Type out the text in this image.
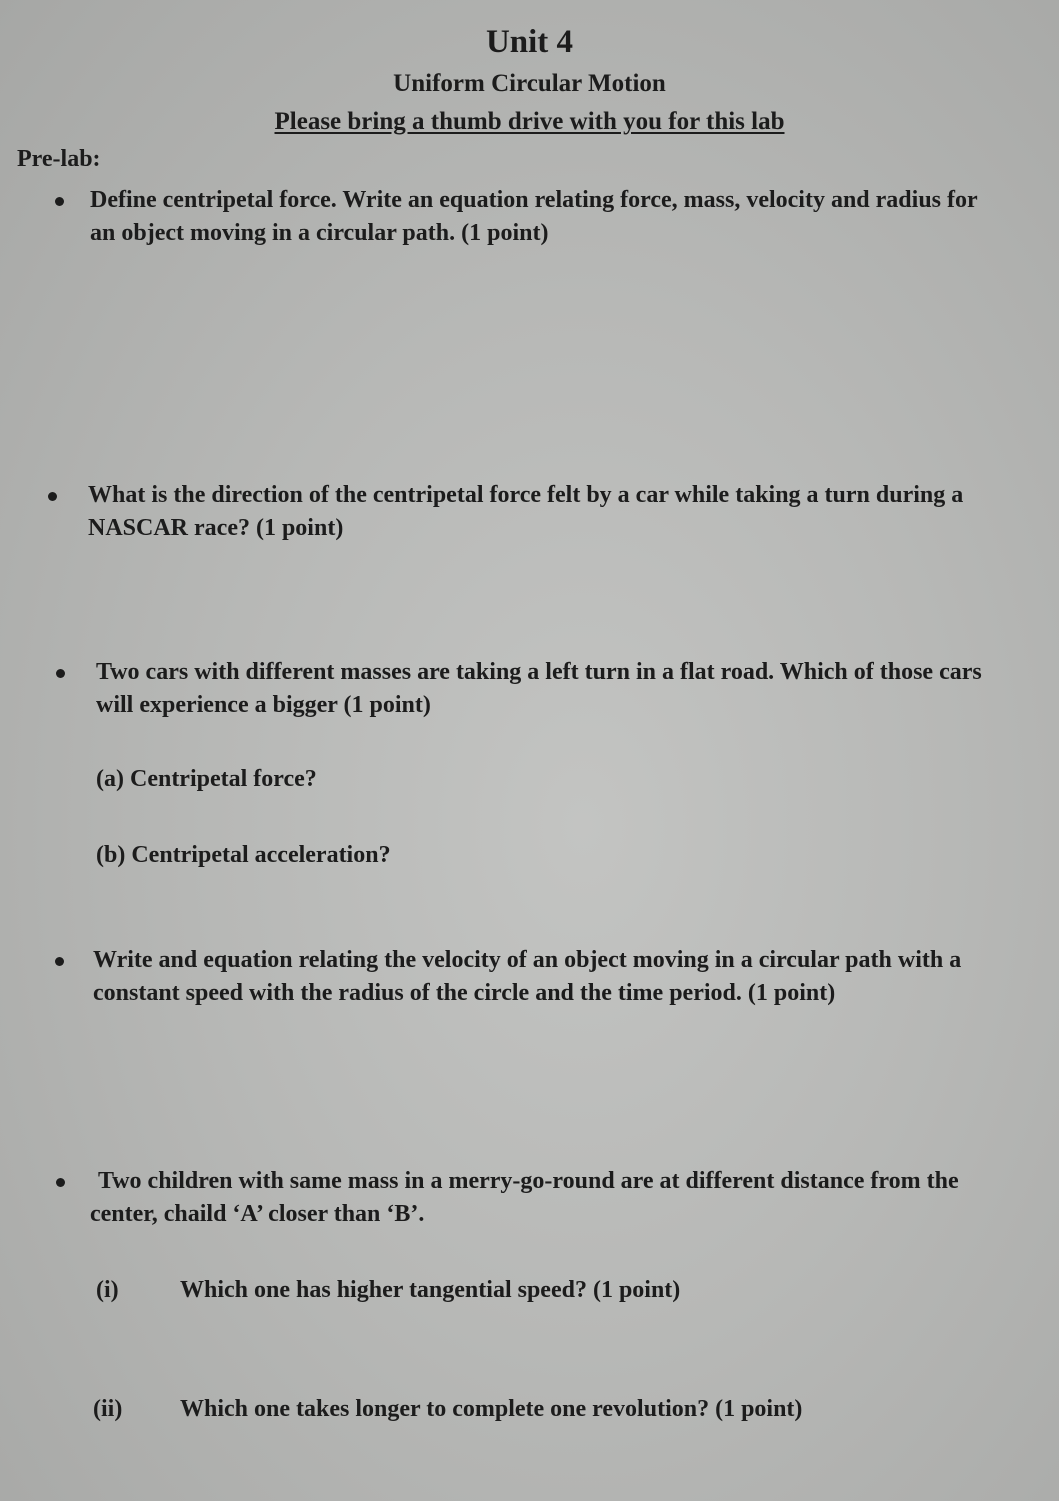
Unit 4
Uniform Circular Motion
Please bring a thumb drive with you for this lab
Pre-lab:
Define centripetal force. Write an equation relating force, mass, velocity and radius for an object moving in a circular path. (1 point)
What is the direction of the centripetal force felt by a car while taking a turn during a NASCAR race? (1 point)
Two cars with different masses are taking a left turn in a flat road. Which of those cars will experience a bigger (1 point)
(a) Centripetal force?
(b) Centripetal acceleration?
Write and equation relating the velocity of an object moving in a circular path with a constant speed with the radius of the circle and the time period. (1 point)
Two children with same mass in a merry-go-round are at different distance from the center, chaild ‘A’ closer than ‘B’.
(i)	Which one has higher tangential speed? (1 point)
(ii) Which one takes longer to complete one revolution? (1 point)
